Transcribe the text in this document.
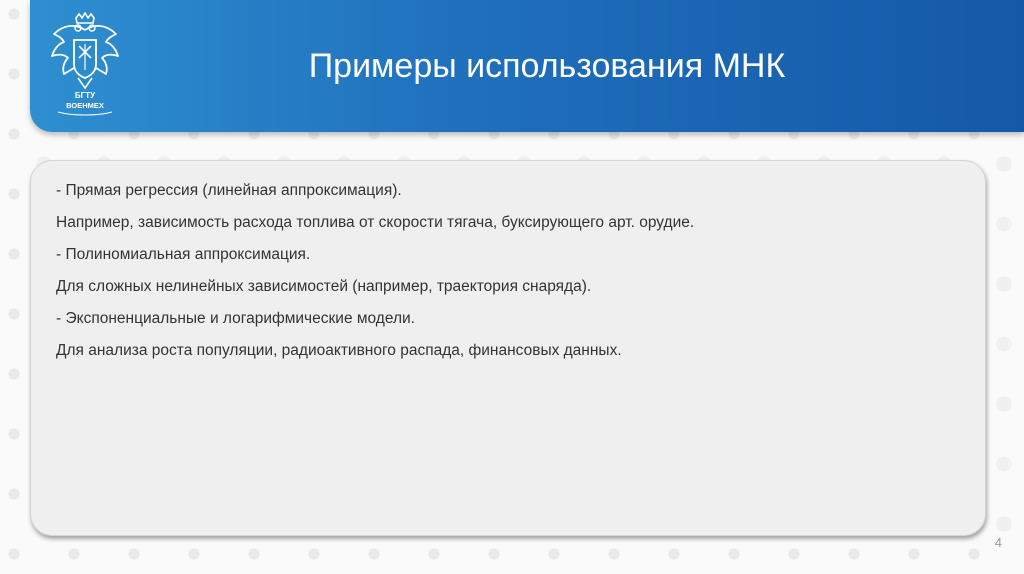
БГТУ
ВОЕНМЕХ
Примеры использования МНК
- Прямая регрессия (линейная аппроксимация).
Например, зависимость расхода топлива от скорости тягача, буксирующего арт. орудие.
- Полиномиальная аппроксимация.
Для сложных нелинейных зависимостей (например, траектория снаряда).
- Экспоненциальные и логарифмические модели.
Для анализа роста популяции, радиоактивного распада, финансовых данных.
4
